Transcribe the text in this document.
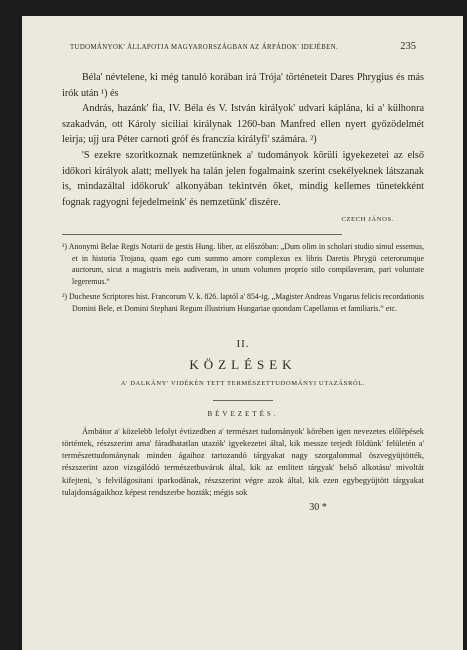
TUDOMÁNYOK' ÁLLAPOTJA MAGYARORSZÁGBAN AZ ÁRPÁDOK' IDEJÉBEN.	235

Béla' névtelene, ki még tanuló korában irá Trója' történeteit Dares Phrygius és más irók után ¹) és

András, hazánk' fia, IV. Béla és V. István királyok' udvari káplána, ki a' külhonra szakadván, ott Károly siciliai királynak 1260-ban Manfred ellen nyert győzödelmét leirja; ujj ura Péter carnoti gróf és franczia királyfi' számára. ²)

'S ezekre szoritkoznak nemzetünknek a' tudományok körüli igyekezetei az első időkori királyok alatt; mellyek ha talán jelen fogalmaink szerint csekélyeknek látszanak is, mindazáltal időkoruk' alkonyában tekintvén őket, mindig kellemes tünetekként fognak ragyogni fejedelmeink' és nemzetünk' diszére.

CZECH JÁNOS.

¹) Anonymi Belae Regis Notarii de gestis Hung. liber, az előszóban: „Dum olim in scholari studio simul essemus, et in historia Trojana, quam ego cum summo amore complexus ex libris Daretis Phrygii ceterorumque auctorum, sicut a magistris meis audiveram, in unum volumen proprio stilo compilaveram, pari voluntate legeremus.“

²) Duchesne Scriptores hist. Francorum V. k. 826. laptól a' 854-ig. „Magister Andreas Vngarus felicis recordationis Domini Bele, et Domini Stephani Regum illustrium Hungariae quondam Capellanus et familiaris.“ etc.

II.
KÖZLÉSEK
A' DALKÁNY' VIDÉKÉN TETT TERMÉSZETTUDOMÁNYI UTAZÁSRÓL.
BÉVEZETÉS.

Ámbátor a' közelebb lefolyt évtizedben a' természet tudományok' körében igen nevezetes előlépések történtek, részszerint ama' fáradhatatlan utazók' igyekezetei által, kik messze terjedt földünk' felületén a' természettudománynak minden ágaihoz tartozandó tárgyakat nagy szorgalommal öszvegyüjtötték, részszerint azon vizsgálódó természetbuvárok által, kik az emlitett tárgyak' belső alkotásu' mivoltát kifejteni, 's felvilágositani iparkodának, részszerint végre azok által, kik ezen egybegyüjtött tárgyakat tulajdonságaikhoz képest rendszerbe hozták; mégis sok

30 *
